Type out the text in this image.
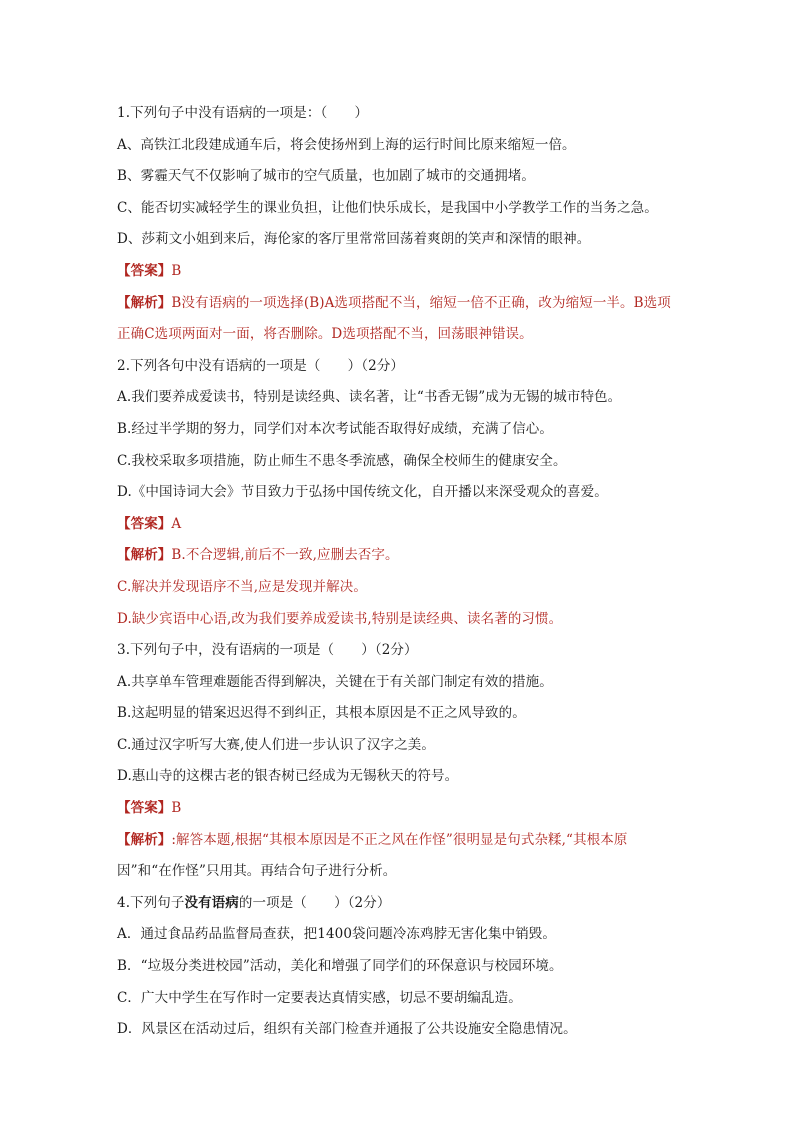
1.下列句子中没有语病的一项是：（　　）
A、高铁江北段建成通车后，将会使扬州到上海的运行时间比原来缩短一倍。
B、雾霾天气不仅影响了城市的空气质量，也加剧了城市的交通拥堵。
C、能否切实减轻学生的课业负担，让他们快乐成长，是我国中小学教学工作的当务之急。
D、莎莉文小姐到来后，海伦家的客厅里常常回荡着爽朗的笑声和深情的眼神。
【答案】B
【解析】B没有语病的一项选择(B)A选项搭配不当，缩短一倍不正确，改为缩短一半。B选项
正确C选项两面对一面，将否删除。D选项搭配不当，回荡眼神错误。
2.下列各句中没有语病的一项是（　　）（2分）
A.我们要养成爱读书，特别是读经典、读名著，让“书香无锡”成为无锡的城市特色。
B.经过半学期的努力，同学们对本次考试能否取得好成绩，充满了信心。
C.我校采取多项措施，防止师生不患冬季流感，确保全校师生的健康安全。
D.《中国诗词大会》节目致力于弘扬中国传统文化，自开播以来深受观众的喜爱。
【答案】A
【解析】B.不合逻辑,前后不一致,应删去否字。
C.解决并发现语序不当,应是发现并解决。
D.缺少宾语中心语,改为我们要养成爱读书,特别是读经典、读名著的习惯。
3.下列句子中，没有语病的一项是（　　）（2分）
A.共享单车管理难题能否得到解决，关键在于有关部门制定有效的措施。
B.这起明显的错案迟迟得不到纠正，其根本原因是不正之风导致的。
C.通过汉字听写大赛,使人们进一步认识了汉字之美。
D.惠山寺的这棵古老的银杏树已经成为无锡秋天的符号。
【答案】B
【解析】:解答本题,根据“其根本原因是不正之风在作怪”很明显是句式杂糅,“其根本原
因”和“在作怪”只用其。再结合句子进行分析。
4.下列句子没有语病的一项是（　　）（2分）
A．通过食品药品监督局查获，把1400袋问题冷冻鸡脖无害化集中销毁。
B．“垃圾分类进校园”活动，美化和增强了同学们的环保意识与校园环境。
C．广大中学生在写作时一定要表达真情实感，切忌不要胡编乱造。
D．风景区在活动过后，组织有关部门检查并通报了公共设施安全隐患情况。
